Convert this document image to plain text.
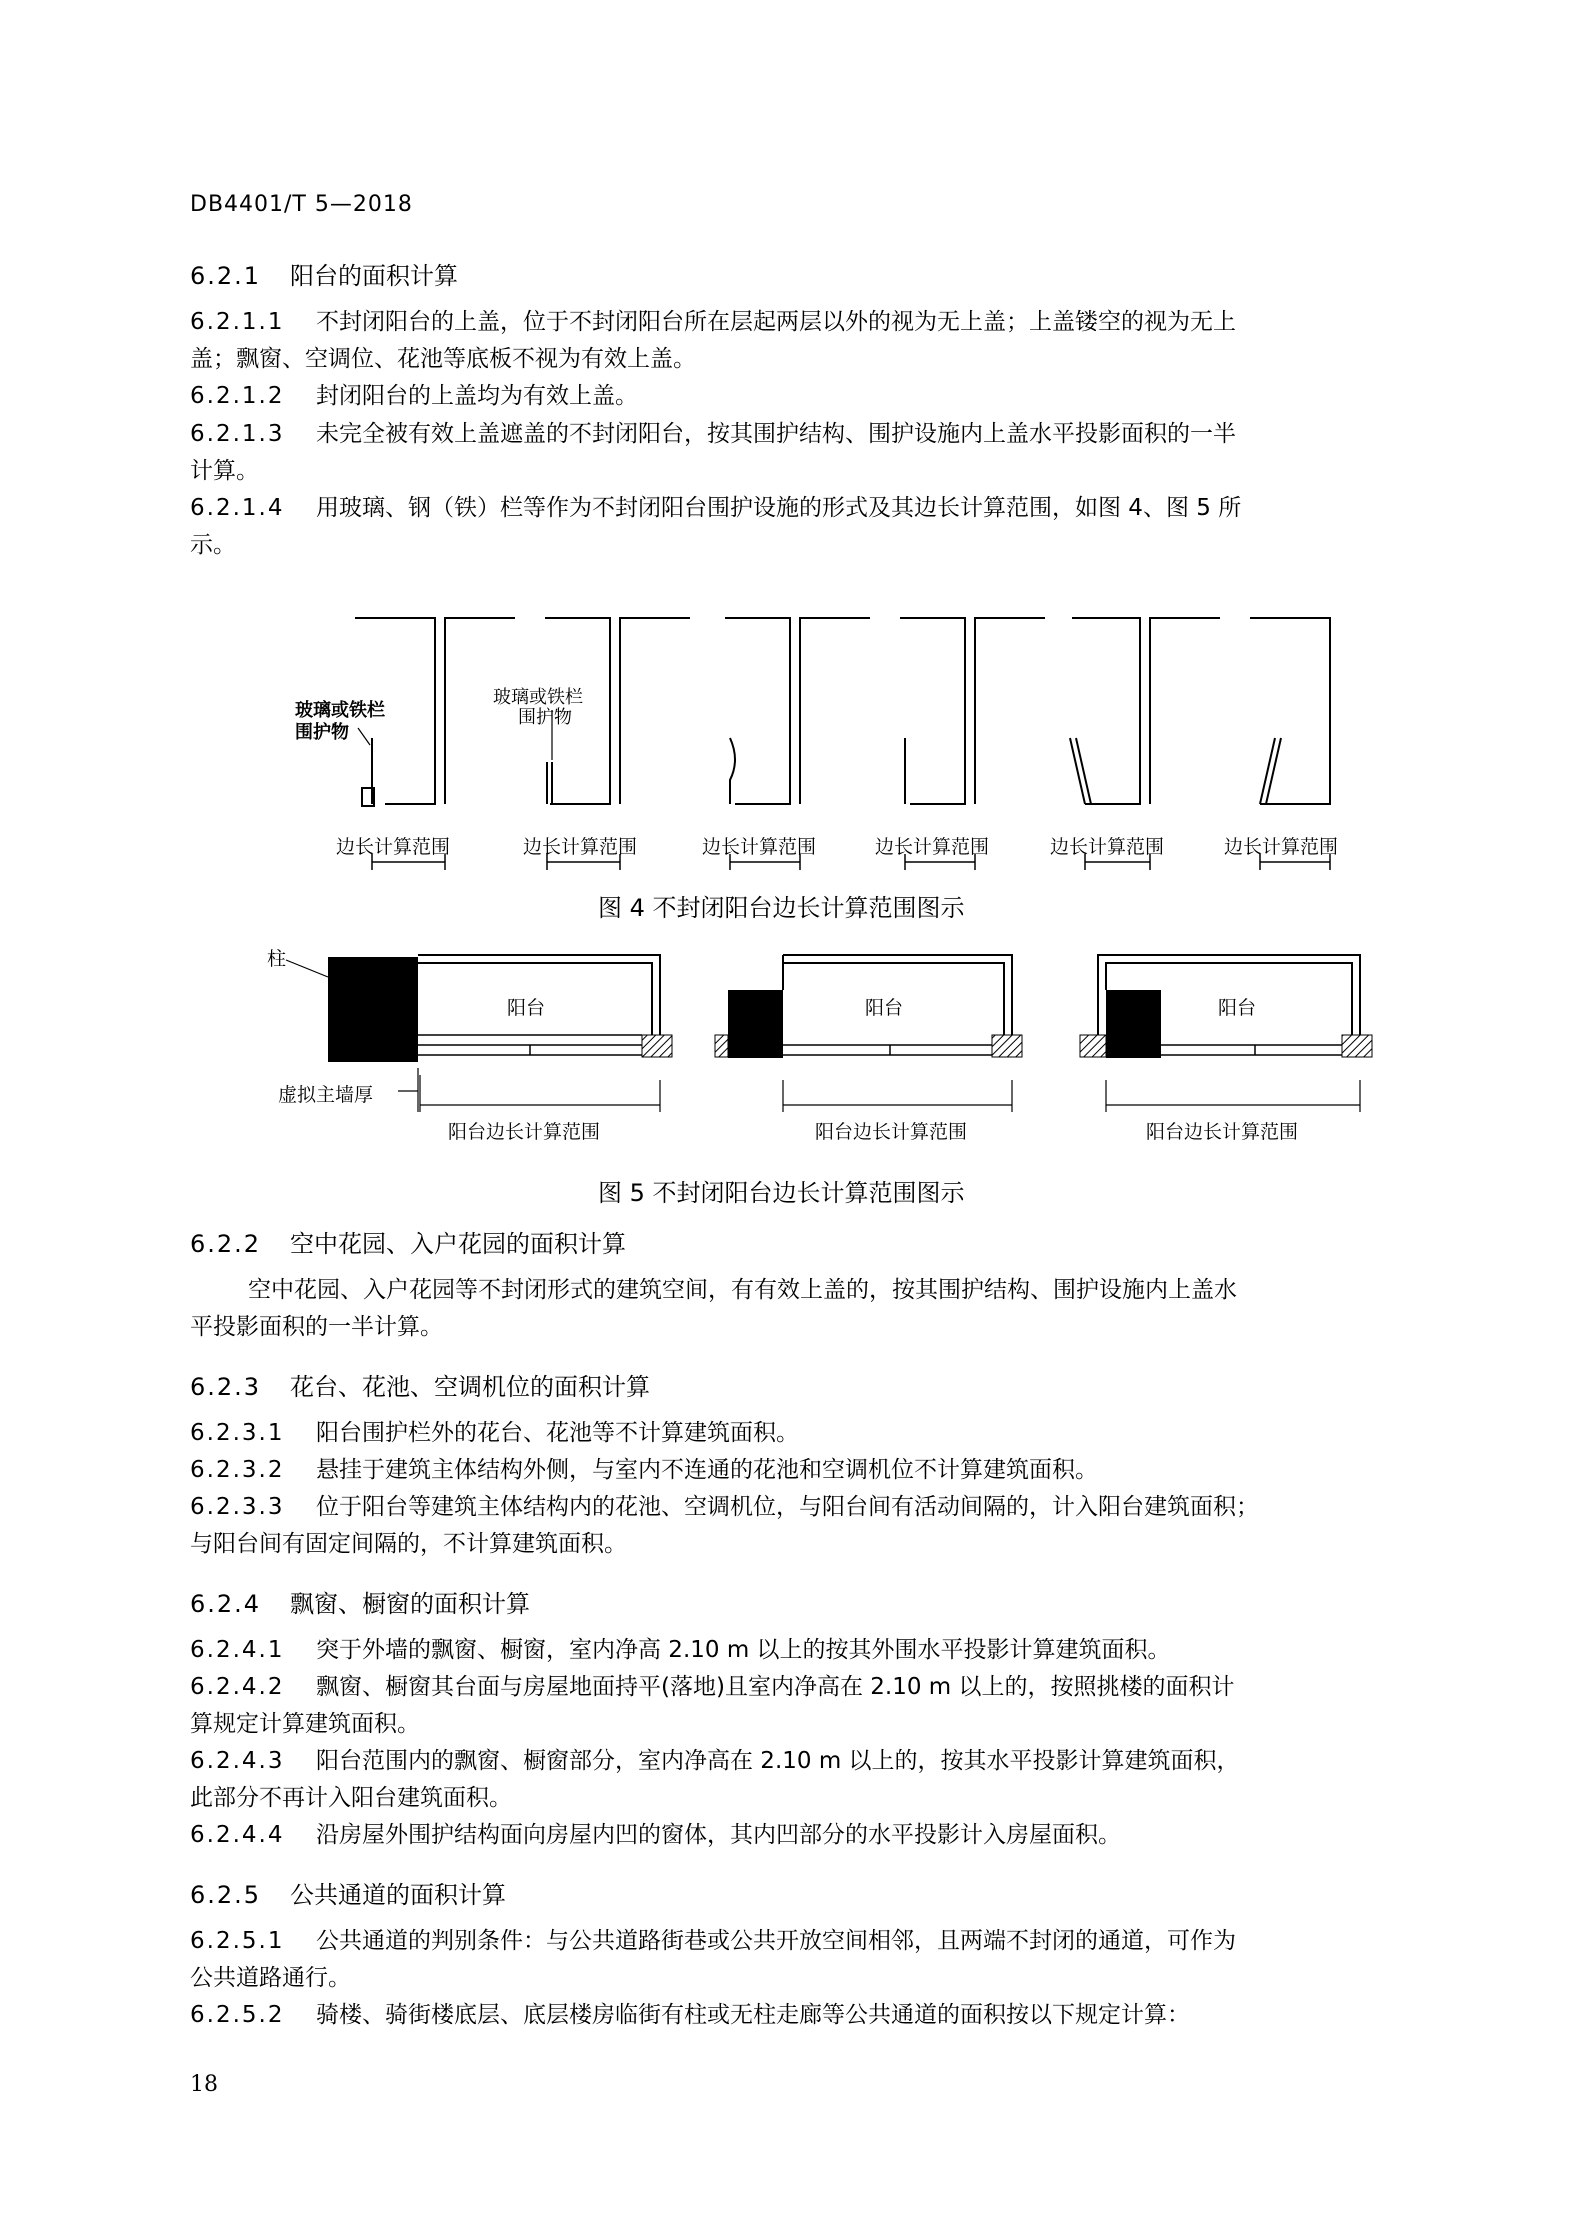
DB4401/T 5—2018
6.2.1 阳台的面积计算
6.2.1.1 不封闭阳台的上盖，位于不封闭阳台所在层起两层以外的视为无上盖；上盖镂空的视为无上
盖；飘窗、空调位、花池等底板不视为有效上盖。
6.2.1.2 封闭阳台的上盖均为有效上盖。
6.2.1.3 未完全被有效上盖遮盖的不封闭阳台，按其围护结构、围护设施内上盖水平投影面积的一半
计算。
6.2.1.4 用玻璃、钢（铁）栏等作为不封闭阳台围护设施的形式及其边长计算范围，如图 4、图 5 所
示。
玻璃或铁栏
围护物
玻璃或铁栏
围护物
边长计算范围	边长计算范围	边长计算范围	边长计算范围	边长计算范围	边长计算范围
图 4 不封闭阳台边长计算范围图示
柱
阳台	阳台	阳台
虚拟主墙厚
阳台边长计算范围	阳台边长计算范围	阳台边长计算范围
图 5 不封闭阳台边长计算范围图示
6.2.2 空中花园、入户花园的面积计算
空中花园、入户花园等不封闭形式的建筑空间，有有效上盖的，按其围护结构、围护设施内上盖水
平投影面积的一半计算。
6.2.3 花台、花池、空调机位的面积计算
6.2.3.1 阳台围护栏外的花台、花池等不计算建筑面积。
6.2.3.2 悬挂于建筑主体结构外侧，与室内不连通的花池和空调机位不计算建筑面积。
6.2.3.3 位于阳台等建筑主体结构内的花池、空调机位，与阳台间有活动间隔的，计入阳台建筑面积；
与阳台间有固定间隔的，不计算建筑面积。
6.2.4 飘窗、橱窗的面积计算
6.2.4.1 突于外墙的飘窗、橱窗，室内净高 2.10 m 以上的按其外围水平投影计算建筑面积。
6.2.4.2 飘窗、橱窗其台面与房屋地面持平(落地)且室内净高在 2.10 m 以上的，按照挑楼的面积计
算规定计算建筑面积。
6.2.4.3 阳台范围内的飘窗、橱窗部分，室内净高在 2.10 m 以上的，按其水平投影计算建筑面积，
此部分不再计入阳台建筑面积。
6.2.4.4 沿房屋外围护结构面向房屋内凹的窗体，其内凹部分的水平投影计入房屋面积。
6.2.5 公共通道的面积计算
6.2.5.1 公共通道的判别条件：与公共道路街巷或公共开放空间相邻，且两端不封闭的通道，可作为
公共道路通行。
6.2.5.2 骑楼、骑街楼底层、底层楼房临街有柱或无柱走廊等公共通道的面积按以下规定计算：
18
